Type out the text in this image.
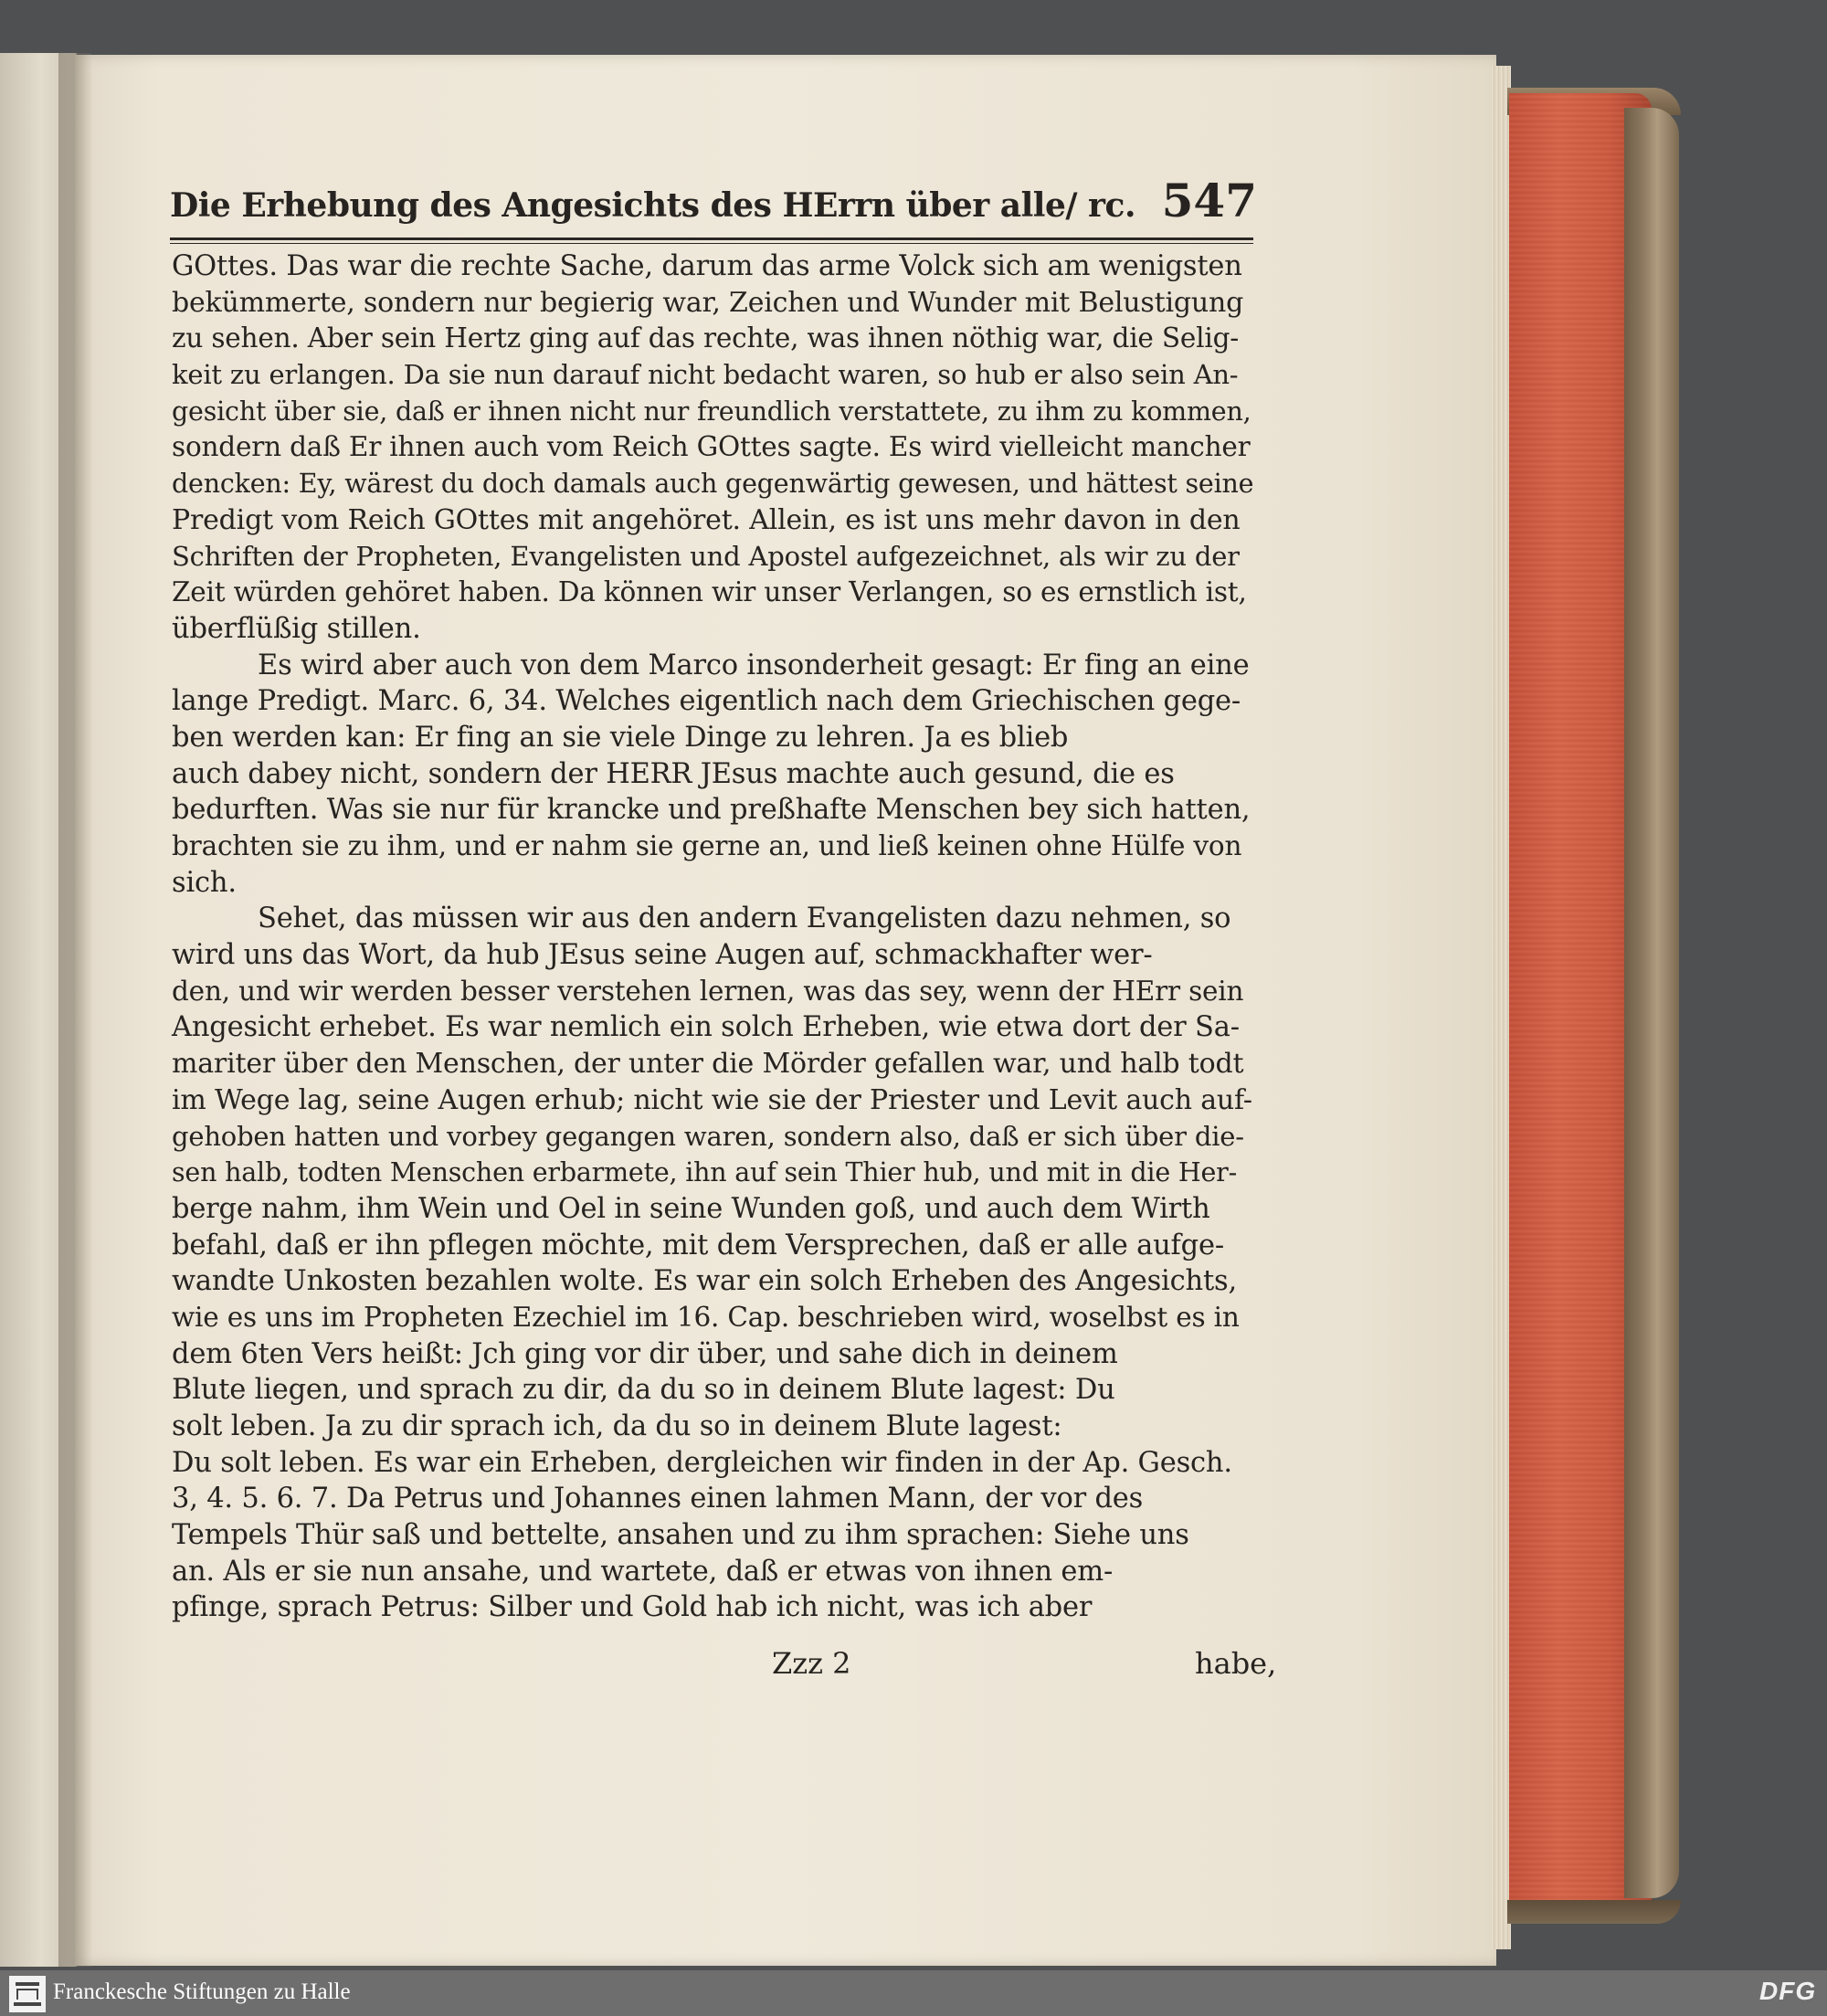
Die Erhebung des Angesichts des HErrn über alle/ rc. 547
GOttes. Das war die rechte Sache, darum das arme Volck sich am wenigsten
bekümmerte, sondern nur begierig war, Zeichen und Wunder mit Belustigung
zu sehen. Aber sein Hertz ging auf das rechte, was ihnen nöthig war, die Selig-
keit zu erlangen. Da sie nun darauf nicht bedacht waren, so hub er also sein An-
gesicht über sie, daß er ihnen nicht nur freundlich verstattete, zu ihm zu kommen,
sondern daß Er ihnen auch vom Reich GOttes sagte. Es wird vielleicht mancher
dencken: Ey, wärest du doch damals auch gegenwärtig gewesen, und hättest seine
Predigt vom Reich GOttes mit angehöret. Allein, es ist uns mehr davon in den
Schriften der Propheten, Evangelisten und Apostel aufgezeichnet, als wir zu der
Zeit würden gehöret haben. Da können wir unser Verlangen, so es ernstlich ist,
überflüßig stillen.
Es wird aber auch von dem Marco insonderheit gesagt: Er fing an eine
lange Predigt. Marc. 6, 34. Welches eigentlich nach dem Griechischen gege-
ben werden kan: Er fing an sie viele Dinge zu lehren. Ja es blieb
auch dabey nicht, sondern der HERR JEsus machte auch gesund, die es
bedurften. Was sie nur für krancke und preßhafte Menschen bey sich hatten,
brachten sie zu ihm, und er nahm sie gerne an, und ließ keinen ohne Hülfe von
sich.
Sehet, das müssen wir aus den andern Evangelisten dazu nehmen, so
wird uns das Wort, da hub JEsus seine Augen auf, schmackhafter wer-
den, und wir werden besser verstehen lernen, was das sey, wenn der HErr sein
Angesicht erhebet. Es war nemlich ein solch Erheben, wie etwa dort der Sa-
mariter über den Menschen, der unter die Mörder gefallen war, und halb todt
im Wege lag, seine Augen erhub; nicht wie sie der Priester und Levit auch auf-
gehoben hatten und vorbey gegangen waren, sondern also, daß er sich über die-
sen halb, todten Menschen erbarmete, ihn auf sein Thier hub, und mit in die Her-
berge nahm, ihm Wein und Oel in seine Wunden goß, und auch dem Wirth
befahl, daß er ihn pflegen möchte, mit dem Versprechen, daß er alle aufge-
wandte Unkosten bezahlen wolte. Es war ein solch Erheben des Angesichts,
wie es uns im Propheten Ezechiel im 16. Cap. beschrieben wird, woselbst es in
dem 6ten Vers heißt: Jch ging vor dir über, und sahe dich in deinem
Blute liegen, und sprach zu dir, da du so in deinem Blute lagest: Du
solt leben. Ja zu dir sprach ich, da du so in deinem Blute lagest:
Du solt leben. Es war ein Erheben, dergleichen wir finden in der Ap. Gesch.
3, 4. 5. 6. 7. Da Petrus und Johannes einen lahmen Mann, der vor des
Tempels Thür saß und bettelte, ansahen und zu ihm sprachen: Siehe uns
an. Als er sie nun ansahe, und wartete, daß er etwas von ihnen em-
pfinge, sprach Petrus: Silber und Gold hab ich nicht, was ich aber
Zzz 2	habe,
Franckesche Stiftungen zu Halle	DFG
